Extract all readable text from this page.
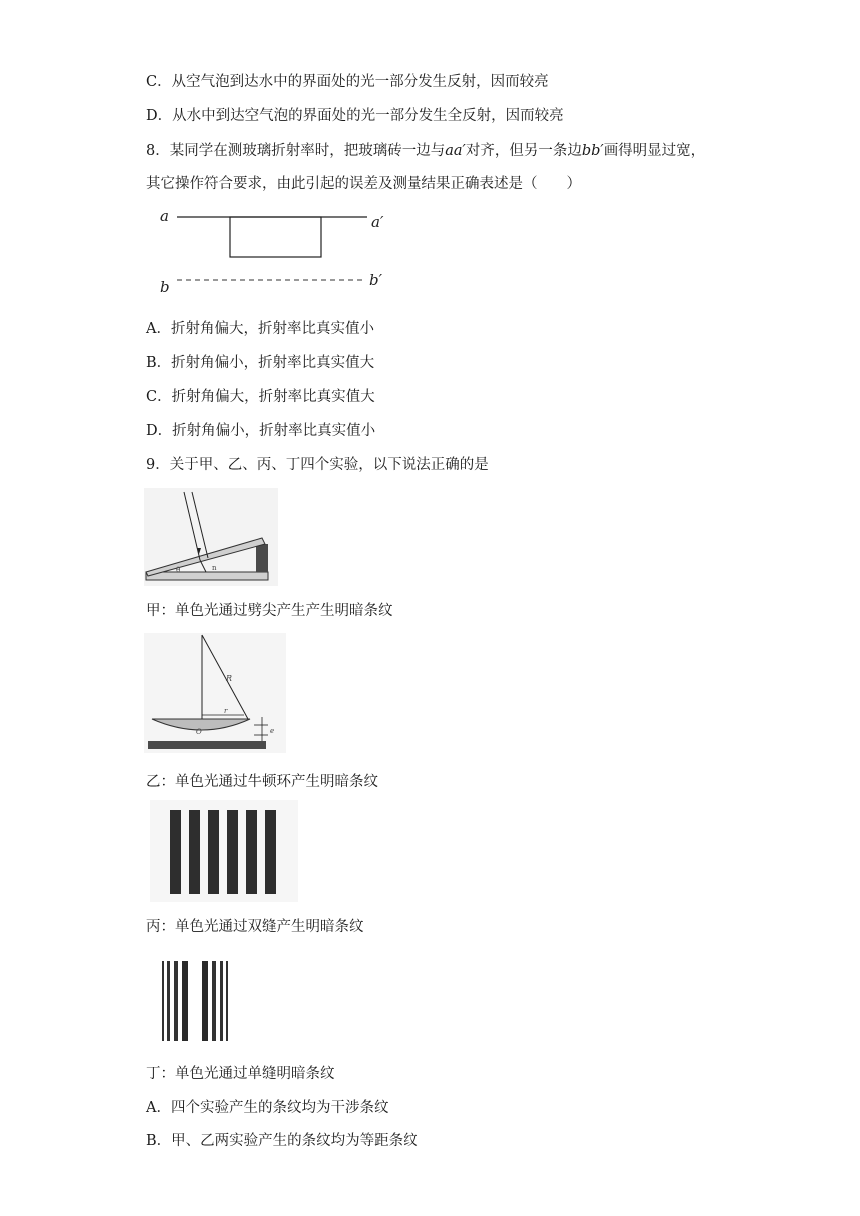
C．从空气泡到达水中的界面处的光一部分发生反射，因而较亮
D．从水中到达空气泡的界面处的光一部分发生全反射，因而较亮
8．某同学在测玻璃折射率时，把玻璃砖一边与aa′对齐，但另一条边bb′画得明显过宽，
其它操作符合要求，由此引起的误差及测量结果正确表述是（　　）
a	a′
b	b′
A．折射角偏大，折射率比真实值小
B．折射角偏小，折射率比真实值大
C．折射角偏大，折射率比真实值大
D．折射角偏小，折射率比真实值小
9．关于甲、乙、丙、丁四个实验，以下说法正确的是
θ	n
甲：单色光通过劈尖产生产生明暗条纹
R
r
e
O
乙：单色光通过牛顿环产生明暗条纹
丙：单色光通过双缝产生明暗条纹
丁：单色光通过单缝明暗条纹
A．四个实验产生的条纹均为干涉条纹
B．甲、乙两实验产生的条纹均为等距条纹
